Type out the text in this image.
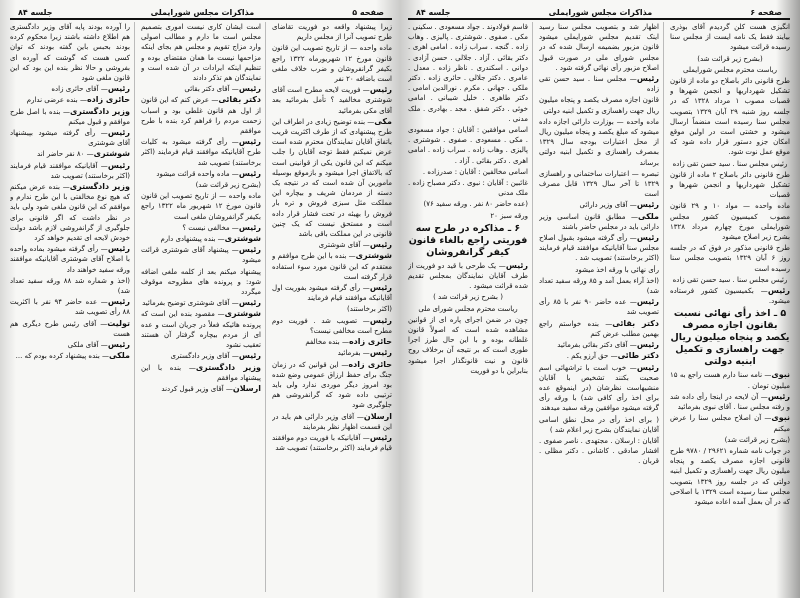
صفحه ۵
مذاکرات مجلس شورایملی
جلسه ۸۴
زیرا پیشنهاد واقعه دو فوریت تقاضای طرح تصویب آنرا از مجلس داریم
ماده واحده — از تاریخ تصویب این قانون قانون مورخ ۱۲ شهریورماه ۱۳۲۲ راجع بکیفر گرانفروشان و ضرب خلاف ملغی است باضافه ۲۰ نفر
رئیس— فوریت لایحه مطرح است آقای شوشتری مخالفید ؟ تأمل بفرمائید بعد آقای مکی بفرمائید
مکی— بنده توضیح زیادی در اطراف این طرح پیشنهادی که از طرف اکثریت قریب باتفاق آقایان نمایندگان محترم شده است عرض نمیکنم فقط توجه آقایان را جلب میکنم که این قانون یکی از قوانینی است که بالاتفاق اجرا میشود و بازموقع بوسیله مامورین آن شده است که در نتیجه یک دسته از مردمان شریف و بیچاره این مملکت مثل سبزی فروش و تره بار فروش را بهیئه در تحت فشار قرار داده است و مستحق نیست که یک چنین قانونی در این مملکت باقی باشد
رئیس— آقای شوشتری
شوشتری— بنده با این طرح موافقم و معتقدم که این قانون مورد سوء استفاده قرار گرفته است
رئیس— رأی گرفته میشود بفوریت اول آقایانیکه موافقند قیام فرمایند
(اکثر برخاستند)
رئیس— تصویب شد . فوریت دوم مطرح است مخالفی نیست؟
حائری زاده— بنده مخالفم
رئیس— بفرمائید
حائری زاده— این قوانین که در زمان جنگ برای حفظ ارزاق عمومی وضع شده بود امروز دیگر موردی ندارد ولی باید ترتیبی داده شود که گرانفروشی هم جلوگیری شود
ارسلان— آقای وزیر دارائی هم باید در این قسمت اظهار نظر بفرمایند
رئیس— آقایانیکه با فوریت دوم موافقند قیام فرمایند (اکثر برخاستند) تصویب شد
است ایشان کاری نیست اموری بتصمیم مجلس است ما دارم و مطالب اصولی وارد مزاج تقویم و مجلس هم بجای اینکه مزاحمها نیست ما همان مقتضای بوده و تنظیم اینکه ایرادات در آن شده است و نمایندگان هم تذکر دادند
رئیس— آقای دکتر بقائی
دکتر بقائی— عرض کنم که این قانون از اول هم قانون غلطی بود و اسباب زحمت مردم را فراهم کرد بنده با طرح موافقم
رئیس— رأی گرفته میشود به کلیات طرح آقایانیکه موافقند قیام فرمایند (اکثر برخاستند) تصویب شد
رئیس— ماده واحده قرائت میشود
(بشرح زیر قرائت شد)
ماده واحده — از تاریخ تصویب این قانون قانون مورخ ۱۲ شهریور ماه ۱۳۲۲ راجع بکیفر گرانفروشان ملغی است
رئیس— مخالفی نیست ؟
شوشتری— بنده پیشنهادی دارم
رئیس— پیشنهاد آقای شوشتری قرائت میشود
پیشنهاد میکنم بعد از کلمه ملغی اضافه شود: و پرونده های مطروحه موقوف میگردد
رئیس— آقای شوشتری توضیح بفرمائید
شوشتری— مقصود بنده این است که پرونده هائیکه فعلاً در جریان است و عده ای از مردم بیچاره گرفتار آن هستند تعقیب نشود
رئیس— آقای وزیر دادگستری
وزیر دادگستری— بنده با این پیشنهاد موافقم
ارسلان— آقای وزیر قبول کردند
را آورده بودند پایه آقای وزیر دادگستری هم اطلاع داشته باشند زیرا محکوم کرده بودند بحبس باین گفته بودند که توان کسی هست که گوشت که آورده ای بفروشی و حالا نظر بنده این بود که این قانون ملغی شود
رئیس— آقای حائری زاده
حائری زاده— بنده عرضی ندارم
وزیر دادگستری— بنده با اصل طرح موافقم و قبول میکنم
رئیس— رأی گرفته میشود بپیشنهاد آقای شوشتری
شوشتری— ۸۰ نفر حاضر اند
رئیس— آقایانیکه موافقند قیام فرمایند (اکثر برخاستند) تصویب شد
وزیر دادگستری— بنده عرض میکنم که هیچ نوع مخالفتی با این طرح ندارم و موافقم که این قانون ملغی شود ولی باید در نظر داشت که اگر قانونی برای جلوگیری از گرانفروشی لازم باشد دولت خودش لایحه ای تقدیم خواهد کرد
رئیس— رأی گرفته میشود بماده واحده با اصلاح آقای شوشتری آقایانیکه موافقند ورقه سفید خواهند داد
(اخذ و شماره شد ۸۸ ورقه سفید تعداد شد)
رئیس— عده حاضر ۹۴ نفر با اکثریت ۸۸ رأی تصویب شد
تولیت— آقای رئیس طرح دیگری هم هست
رئیس— آقای ملکی
ملکی— بنده پیشنهاد کرده بودم که ...
صفحه ۶
مذاکرات مجلس شورایملی
جلسه ۸۴
انگیزی هست کلن گردیدم آقای بوذری بیایند فقط یک نامه ایست از مجلس سنا رسیده قرائت میشود
(بشرح زیر قرائت شد)
ریاست محترم مجلس شورایملی
طرح قانونی دائر باصلاح دو ماده از قانون تشکیل شهرداریها و انجمن شهرها و قصبات مصوب ۱ مرداد ۱۳۲۸ که در جلسه روز شنبه ۲۹ آبان ۱۳۲۹ بتصویب مجلس سنا رسیده است منضماً ارسال میشود و خشتی است در اولین موقع امکان جزو دستور قرار داده شود که موقع عمل نوت شود.
رئیس مجلس سنا . سید حسن تقی زاده
طرح قانونی دائر باصلاح ۲ ماده از قانون تشکیل شهرداریها و انجمن شهرها و قصبات
ماده واحده — مواد ۱۰ و ۲۹ قانون مصوب کمیسیون کشور مجلس شورایملی مورخ چهارم مرداد ۱۳۲۸ بشرح زیر اصلاح میشود
طرح قانونی مذکور در فوق که در جلسه روز ۶ آبان ۱۳۲۹ بتصویب مجلس سنا رسیده است
رئیس مجلس سنا . سید حسن تقی زاده
رئیس— بکمیسیون کشور فرستاده میشود.
۵ ـ اخذ رأی نهائی نسبت بقانون اجازه مصرف یکصد و پنجاه میلیون ریال جهت راهسازی و تکمیل ابنیه دولتی
نبوی— نامه سنا دارم هست راجع به ۱۵ میلیون تومان .
رئیس— آن لایحه در اینجا رأی داده شد و رفته مجلس سنا . آقای نبوی بفرمائید
نبوی— آن اصلاح مجلس سنا را عرض میکنم
(بشرح زیر قرائت شد)
در جواب نامه شماره ۲۹۶۲۱ / ۹۷۸۰ طرح قانونی اجازه مصرف یکصد و پنجاه میلیون ریال جهت راهسازی و تکمیل ابنیه دولتی که در جلسه روز ۱۳۲۹ بتصویب مجلس سنا رسیده است ۱۳۲۹ با اصلاحی که در آن بعمل آمده اعاده میشود
اظهار شد و بتصویب مجلس سنا رسید اینک تقدیم مجلس شورایملی میشود قانون مزبور بضمیمه ارسال شده که در مجلس شورای ملی در صورت قبول اصلاح مزبور رأی نهائی گرفته شود .
رئیس— مجلس سنا . سید حسن تقی زاده
قانون اجازه مصرف یکصد و پنجاه میلیون ریال جهت راهسازی و تکمیل ابنیه دولتی
ماده واحده — بوزارت دارائی اجازه داده میشود که مبلغ یکصد و پنجاه میلیون ریال از محل اعتبارات بودجه سال ۱۳۲۹ بمصرف راهسازی و تکمیل ابنیه دولتی برساند
تبصره — اعتبارات ساختمانی و راهسازی ۱۳۲۹ تا آخر سال ۱۳۲۹ قابل مصرف است
رئیس— آقای وزیر دارائی
ملکی— مطابق قانون اساسی وزیر دارائی باید در مجلس حاضر باشند
رئیس— رأی گرفته میشود بقبول اصلاح مجلس سنا آقایانیکه موافقند قیام فرمایند (اکثر برخاستند) تصویب شد .
رأی نهائی با ورقه اخذ میشود
(اخذ آراء بعمل آمد و ۸۵ ورقه سفید تعداد شد)
رئیس— عده حاضر ۹۰ نفر با ۸۵ رأی تصویب شد
دکتر بقائی— بنده خواستم راجع بهمین مطلب عرض کنم
رئیس— آقای دکتر بقائی بفرمائید
دکتر طائی— حق آرزو یکم .
رئیس— خوب است با تراشهائی اسم صحبت بکنند تشخیص با آقایان منشیهاست نظرشان (در اینموقع عده برای اخذ رأی کافی شد) با ورقه رأی گرفته میشود موافقین ورقه سفید میدهند
( برای اخذ رأی در محل نطق اسامی آقایان نمایندگان بشرح زیر اعلام شد )
آقایان : ارسلان . مجتهدی . ناصر صفوی . افشار صادقی . کاشانی . دکتر مظلی . قربان .
قاسم فولادوند . جواد مسعودی . سکینی . مکی . صفوی . شوشتری . پالیزی . وهاب زاده . گنجه . سراب زاده . امامی اهری . دکتر بقائی . آزاد . جلالی . حسن آزادی . دوانی . اسکندری . ناظر زاده . معدل . عامری . دکتر جلالی . حائری زاده . دکتر ملکی . جهانی . مکرم . نورالدین امامی . دکتر طاهری . خلیل شیبانی . امامی خوئی . دکتر شفق . مجد . بهادری . ملک مدنی .
اسامی موافقین : آقایان : جواد مسعودی . مکی . مسعودی . صفوی . شوشتری . پالیزی . وهاب زاده . سراب زاده . امامی اهری . دکتر بقائی . آزاد .
اسامی مخالفین : آقایان : صدرزاده .
غائبین : آقایان : نبوی . دکتر مصباح زاده . ملک مدنی
(عده حاضر ۸۰ نفر . ورقه سفید ۷۶)
ورقه سبز ۲۰
۶ ـ مذاکره در طرح سه فوریتی راجع بالغاء قانون کیفر گرانفروشان
رئیس— یک طرحی با قید دو فوریت از طرف آقایان نمایندگان بمجلس تقدیم شده قرائت میشود .
( بشرح زیر قرائت شد )
ریاست محترم مجلس شورای ملی
چون در ضمن اجرای پاره ای از قوانین مشاهده شده است که اصولاً قانون غلطانه بوده و با این حال طرز اجرا طوری است که بر نتیجه آن برخلاف روح قانون و نیت قانونگذار اجرا میشود بنابراین با دو فوریت
